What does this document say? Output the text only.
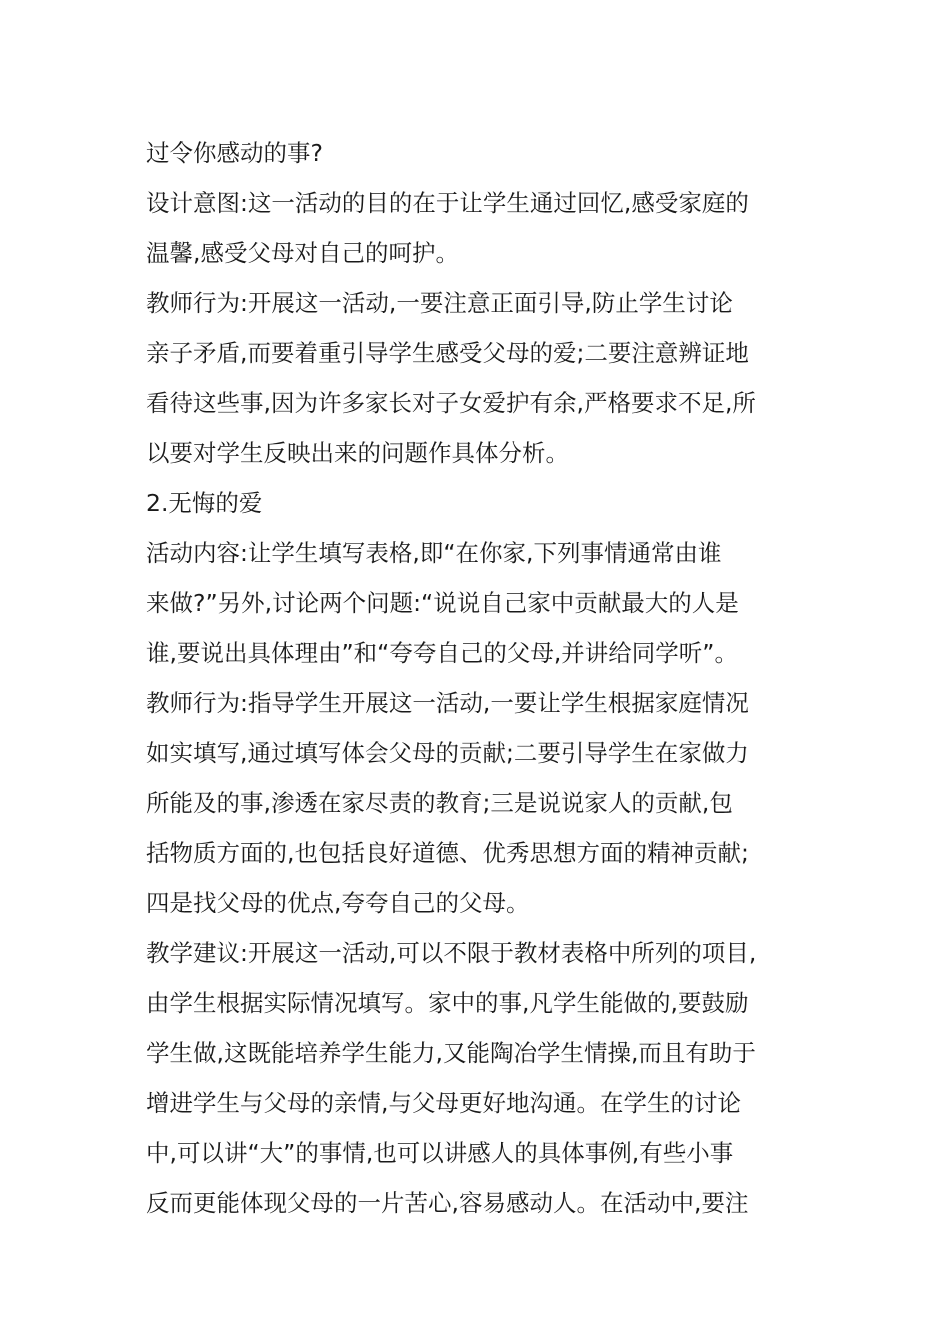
过令你感动的事?
设计意图:这一活动的目的在于让学生通过回忆,感受家庭的
温馨,感受父母对自己的呵护。
教师行为:开展这一活动,一要注意正面引导,防止学生讨论
亲子矛盾,而要着重引导学生感受父母的爱;二要注意辨证地
看待这些事,因为许多家长对子女爱护有余,严格要求不足,所
以要对学生反映出来的问题作具体分析。
2.无悔的爱
活动内容:让学生填写表格,即“在你家,下列事情通常由谁
来做?”另外,讨论两个问题:“说说自己家中贡献最大的人是
谁,要说出具体理由”和“夸夸自己的父母,并讲给同学听”。
教师行为:指导学生开展这一活动,一要让学生根据家庭情况
如实填写,通过填写体会父母的贡献;二要引导学生在家做力
所能及的事,渗透在家尽责的教育;三是说说家人的贡献,包
括物质方面的,也包括良好道德、优秀思想方面的精神贡献;
四是找父母的优点,夸夸自己的父母。
教学建议:开展这一活动,可以不限于教材表格中所列的项目,
由学生根据实际情况填写。家中的事,凡学生能做的,要鼓励
学生做,这既能培养学生能力,又能陶冶学生情操,而且有助于
增进学生与父母的亲情,与父母更好地沟通。在学生的讨论
中,可以讲“大”的事情,也可以讲感人的具体事例,有些小事
反而更能体现父母的一片苦心,容易感动人。在活动中,要注
